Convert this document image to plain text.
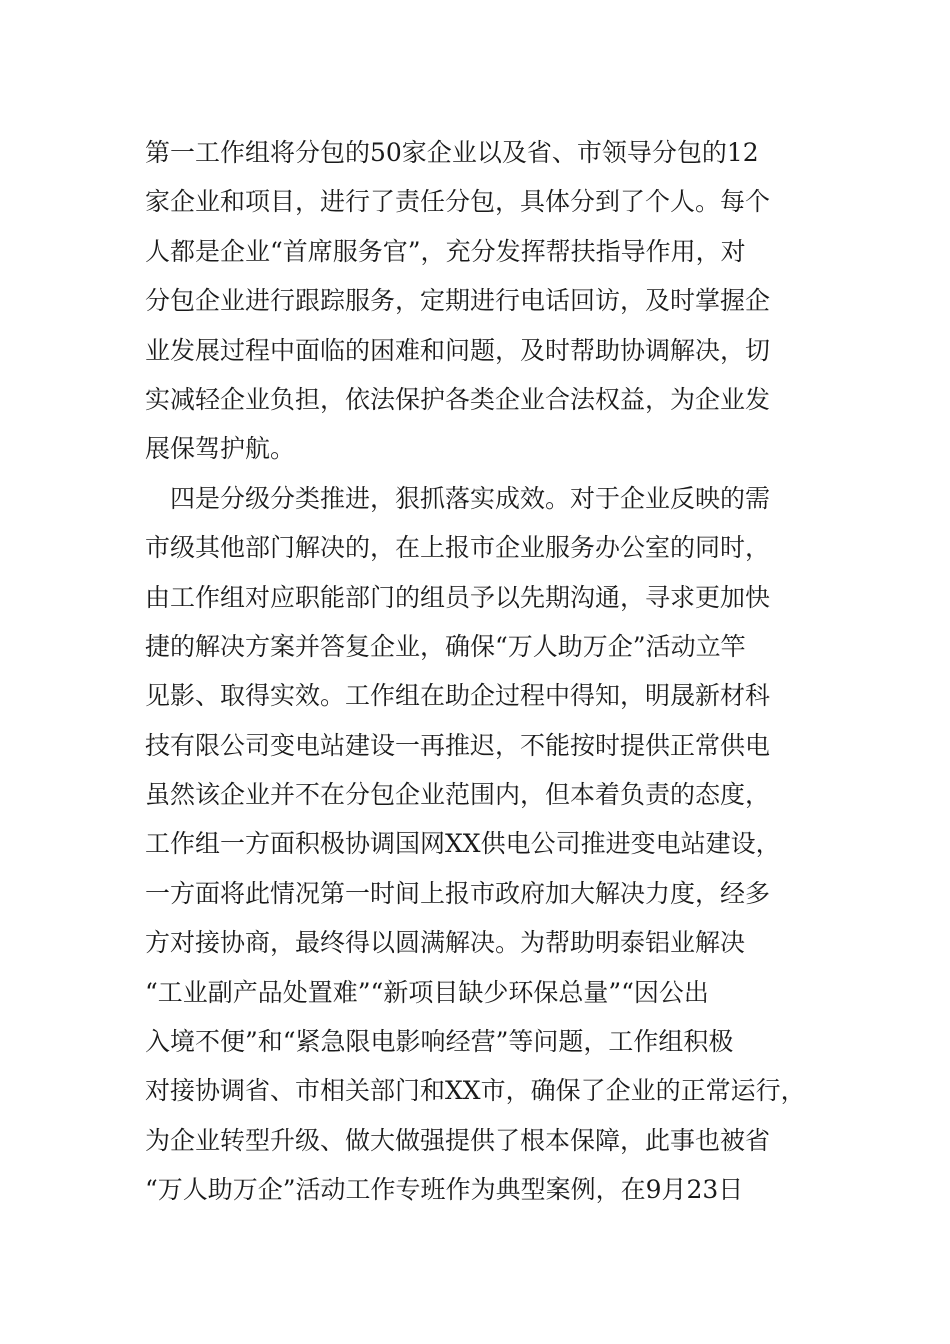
第一工作组将分包的50家企业以及省、市领导分包的12
家企业和项目，进行了责任分包，具体分到了个人。每个
人都是企业“首席服务官”，充分发挥帮扶指导作用，对
分包企业进行跟踪服务，定期进行电话回访，及时掌握企
业发展过程中面临的困难和问题，及时帮助协调解决，切
实减轻企业负担，依法保护各类企业合法权益，为企业发
展保驾护航。
　四是分级分类推进，狠抓落实成效。对于企业反映的需
市级其他部门解决的，在上报市企业服务办公室的同时，
由工作组对应职能部门的组员予以先期沟通，寻求更加快
捷的解决方案并答复企业，确保“万人助万企”活动立竿
见影、取得实效。工作组在助企过程中得知，明晟新材科
技有限公司变电站建设一再推迟，不能按时提供正常供电
虽然该企业并不在分包企业范围内，但本着负责的态度，
工作组一方面积极协调国网XX供电公司推进变电站建设，
一方面将此情况第一时间上报市政府加大解决力度，经多
方对接协商，最终得以圆满解决。为帮助明泰铝业解决
“工业副产品处置难”“新项目缺少环保总量”“因公出
入境不便”和“紧急限电影响经营”等问题，工作组积极
对接协调省、市相关部门和XX市，确保了企业的正常运行，
为企业转型升级、做大做强提供了根本保障，此事也被省
“万人助万企”活动工作专班作为典型案例，在9月23日
